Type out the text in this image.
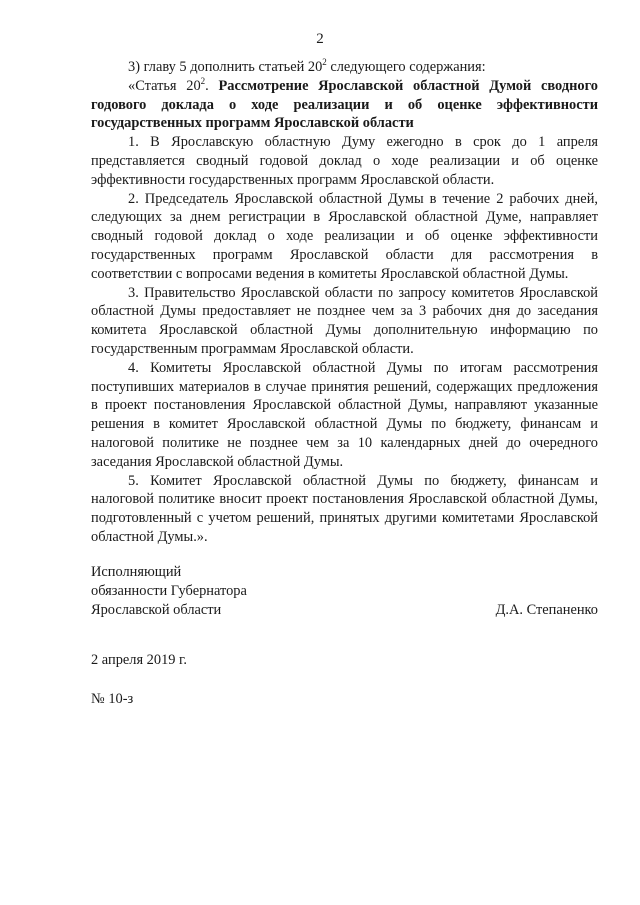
2

3) главу 5 дополнить статьей $20^2$ следующего содержания:

«Статья $20^2$. Рассмотрение Ярославской областной Думой сводного годового доклада о ходе реализации и об оценке эффективности государственных программ Ярославской области

1. В Ярославскую областную Думу ежегодно в срок до 1 апреля представляется сводный годовой доклад о ходе реализации и об оценке эффективности государственных программ Ярославской области.

2. Председатель Ярославской областной Думы в течение 2 рабочих дней, следующих за днем регистрации в Ярославской областной Думе, направляет сводный годовой доклад о ходе реализации и об оценке эффективности государственных программ Ярославской области для рассмотрения в соответствии с вопросами ведения в комитеты Ярославской областной Думы.

3. Правительство Ярославской области по запросу комитетов Ярославской областной Думы предоставляет не позднее чем за 3 рабочих дня до заседания комитета Ярославской областной Думы дополнительную информацию по государственным программам Ярославской области.

4. Комитеты Ярославской областной Думы по итогам рассмотрения поступивших материалов в случае принятия решений, содержащих предложения в проект постановления Ярославской областной Думы, направляют указанные решения в комитет Ярославской областной Думы по бюджету, финансам и налоговой политике не позднее чем за 10 календарных дней до очередного заседания Ярославской областной Думы.

5. Комитет Ярославской областной Думы по бюджету, финансам и налоговой политике вносит проект постановления Ярославской областной Думы, подготовленный с учетом решений, принятых другими комитетами Ярославской областной Думы.».

Исполняющий
обязанности Губернатора
Ярославской области	Д.А. Степаненко
2 апреля 2019 г.
№ 10-з
